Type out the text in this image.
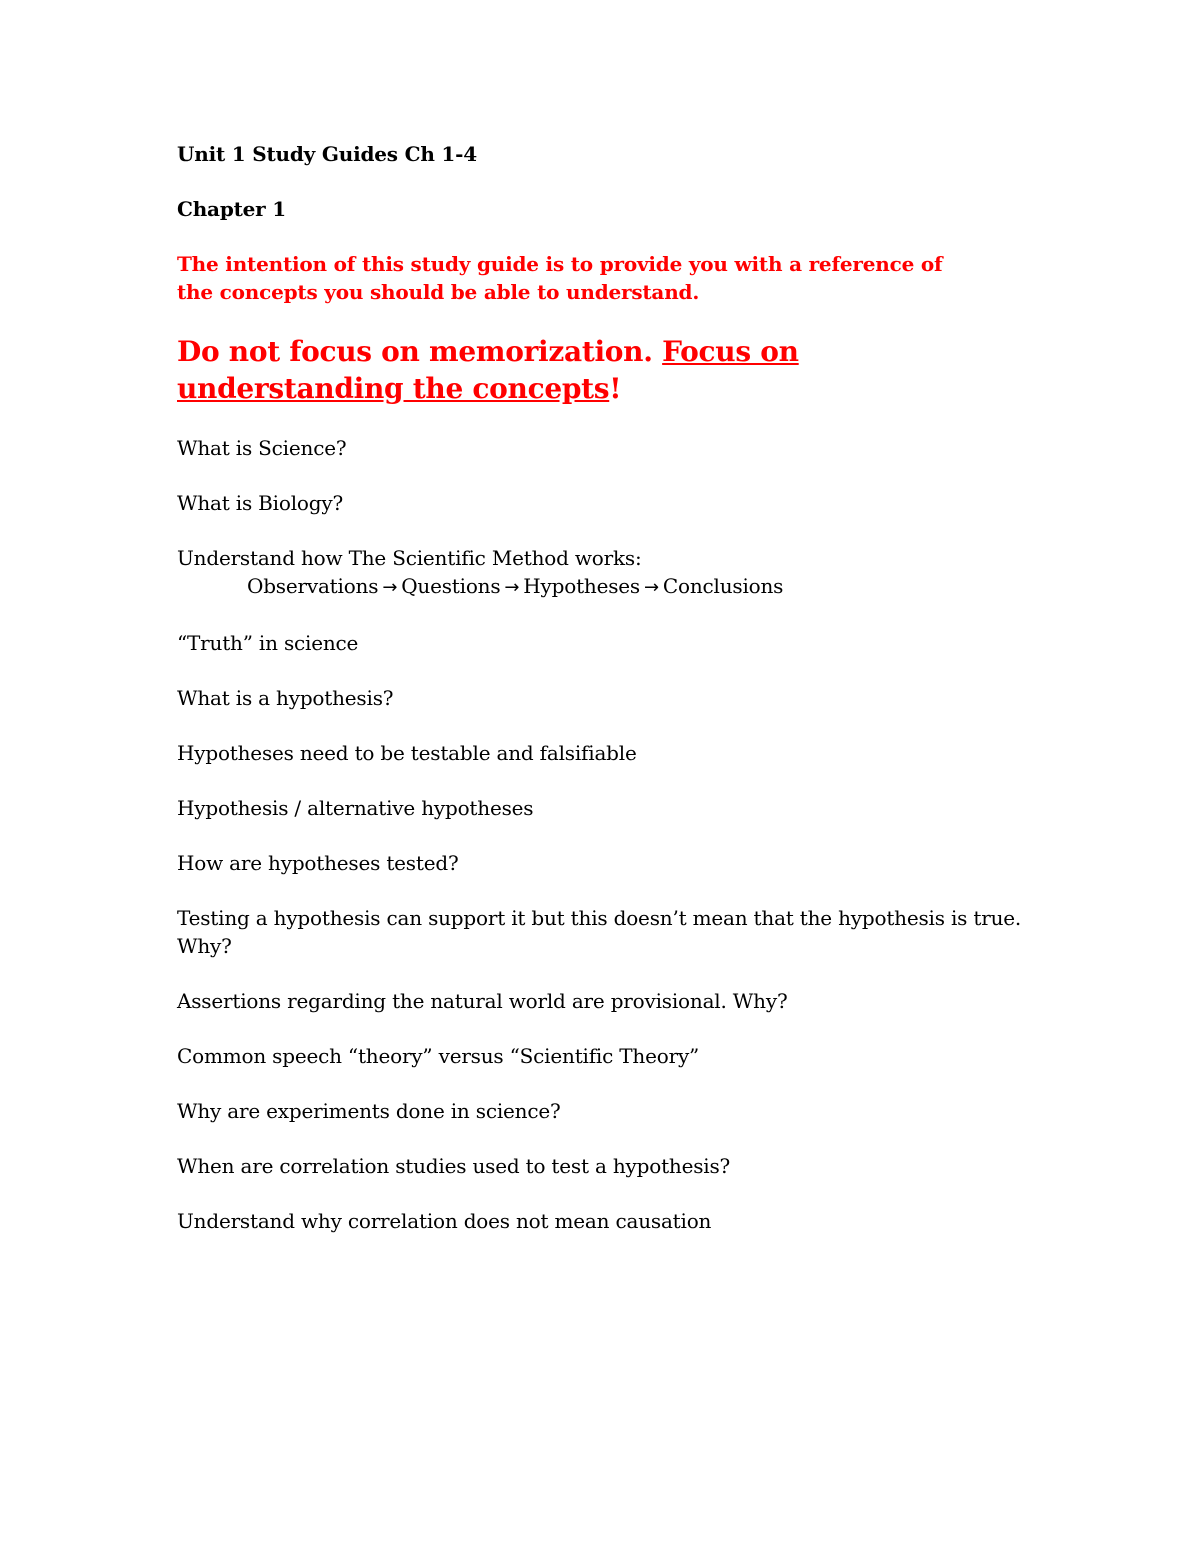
Unit 1 Study Guides Ch 1-4
Chapter 1
The intention of this study guide is to provide you with a reference of the concepts you should be able to understand.
Do not focus on memorization. Focus on understanding the concepts!
What is Science?
What is Biology?
Understand how The Scientific Method works:
Observations → Questions → Hypotheses → Conclusions
“Truth” in science
What is a hypothesis?
Hypotheses need to be testable and falsifiable
Hypothesis / alternative hypotheses
How are hypotheses tested?
Testing a hypothesis can support it but this doesn’t mean that the hypothesis is true. Why?
Assertions regarding the natural world are provisional. Why?
Common speech “theory” versus “Scientific Theory”
Why are experiments done in science?
When are correlation studies used to test a hypothesis?
Understand why correlation does not mean causation
